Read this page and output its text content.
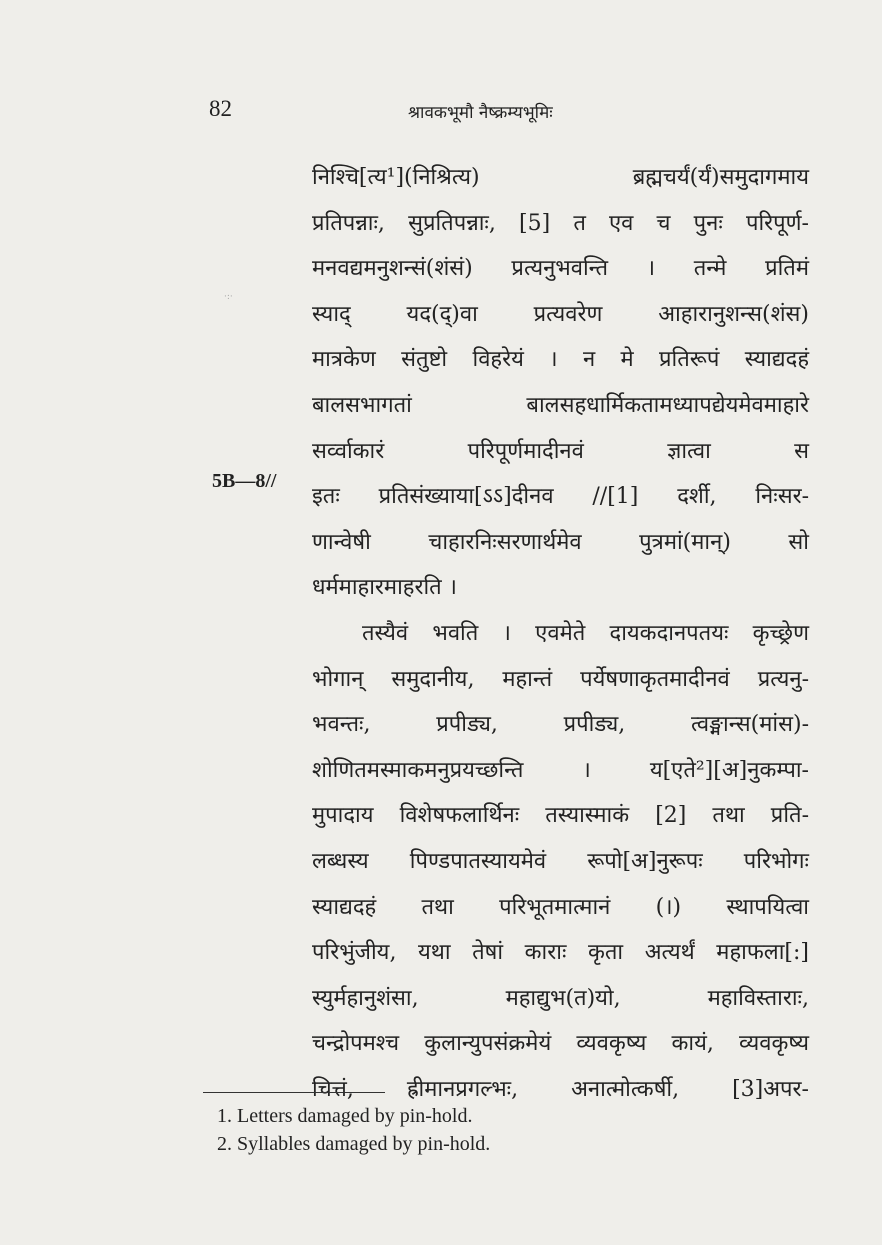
82	श्रावकभूमौ नैष्क्रम्यभूमिः
·:·
5B—8//
निश्चि[त्य¹](निश्रित्य) ब्रह्मचर्यं(र्यं)समुदागमाय
प्रतिपन्नाः, सुप्रतिपन्नाः, [5] त एव च पुनः परिपूर्ण-
मनवद्यमनुशन्सं(शंसं) प्रत्यनुभवन्ति । तन्मे प्रतिमं
स्याद् यद(द्)वा प्रत्यवरेण आहारानुशन्स(शंस)
मात्रकेण संतुष्टो विहरेयं । न मे प्रतिरूपं स्याद्यदहं
बालसभागतां बालसहधार्मिकतामध्यापद्येयमेवमाहारे
सर्व्वाकारं परिपूर्णमादीनवं ज्ञात्वा स
इतः प्रतिसंख्याया[ऽऽ]दीनव //[1] दर्शी, निःसर-
णान्वेषी चाहारनिःसरणार्थमेव पुत्रमां(मान्) सो
धर्ममाहारमाहरति ।
तस्यैवं भवति । एवमेते दायकदानपतयः कृच्छ्रेण
भोगान् समुदानीय, महान्तं पर्येषणाकृतमादीनवं प्रत्यनु-
भवन्तः, प्रपीड्य, प्रपीड्य, त्वङ्मान्स(मांस)-
शोणितमस्माकमनुप्रयच्छन्ति । य[एते²][अ]नुकम्पा-
मुपादाय विशेषफलार्थिनः तस्यास्माकं [2] तथा प्रति-
लब्धस्य पिण्डपातस्यायमेवं रूपो[अ]नुरूपः परिभोगः
स्याद्यदहं तथा परिभूतमात्मानं (।) स्थापयित्वा
परिभुंजीय, यथा तेषां काराः कृता अत्यर्थं महाफला[:]
स्युर्महानुशंसा, महाद्युभ(त)यो, महाविस्ताराः,
चन्द्रोपमश्च कुलान्युपसंक्रमेयं व्यवकृष्य कायं, व्यवकृष्य
चित्तं, ह्रीमानप्रगल्भः, अनात्मोत्कर्षी, [3]अपर-
1. Letters damaged by pin-hold.
2. Syllables damaged by pin-hold.
